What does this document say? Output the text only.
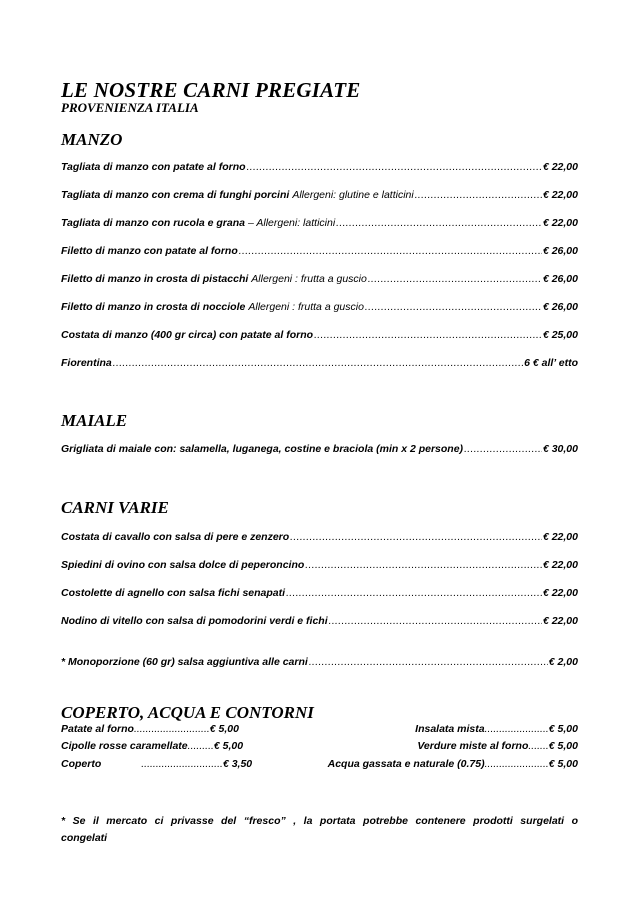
LE NOSTRE CARNI PREGIATE
PROVENIENZA ITALIA
MANZO
Tagliata di manzo con patate al forno .....	€ 22,00
Tagliata di manzo con crema di funghi porcini Allergeni: glutine e latticini .....	€ 22,00
Tagliata di manzo con rucola e grana – Allergeni: latticini .....	€ 22,00
Filetto di manzo con patate al forno .....	€ 26,00
Filetto di manzo in crosta di pistacchi Allergeni : frutta a guscio .....	€ 26,00
Filetto di manzo in crosta di nocciole Allergeni : frutta a guscio .....	€ 26,00
Costata di manzo (400 gr circa) con patate al forno .....	€ 25,00
Fiorentina .....	6 € all’ etto
MAIALE
Grigliata di maiale con: salamella, luganega, costine e braciola (min x 2 persone) .....	€ 30,00
CARNI VARIE
Costata di cavallo con salsa di pere e zenzero .....	€ 22,00
Spiedini di ovino con salsa dolce di peperoncino .....	€ 22,00
Costolette di agnello con salsa fichi senapati .....	€ 22,00
Nodino di vitello con salsa di pomodorini verdi e fichi .....	€ 22,00
* Monoporzione (60 gr) salsa aggiuntiva alle carni .....	€ 2,00
COPERTO, ACQUA E CONTORNI
Patate al forno .......................... € 5,00
Cipolle rosse caramellate ......... € 5,00
Coperto	............................ € 3,50
Insalata mista ...................... € 5,00
Verdure miste al forno ....... € 5,00
Acqua gassata e naturale (0.75) ...................... € 5,00
* Se il mercato ci privasse del “fresco” , la portata potrebbe contenere prodotti surgelati o congelati
